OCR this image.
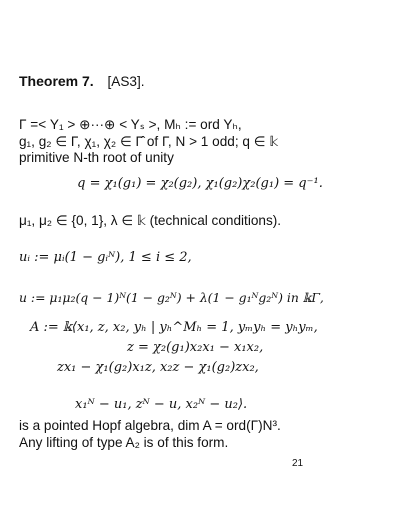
Theorem 7. [AS3].
Γ =< Y₁ > ⊕···⊕ < Yₛ >, Mₕ := ord Yₕ,
g₁, g₂ ∈ Γ, χ₁, χ₂ ∈ Γ̂ of Γ, N > 1 odd; q ∈ 𝕜
primitive N-th root of unity
q = χ₁(g₁) = χ₂(g₂), χ₁(g₂)χ₂(g₁) = q⁻¹.
μ₁, μ₂ ∈ {0, 1}, λ ∈ 𝕜 (technical conditions).
uᵢ := μᵢ(1 − gᵢᴺ), 1 ≤ i ≤ 2,
u := μ₁μ₂(q − 1)ᴺ(1 − g₂ᴺ) + λ(1 − g₁ᴺg₂ᴺ) in 𝕜Γ,
A := 𝕜⟨x₁, z, x₂, yₕ | yₕ^Mₕ = 1, yₘyₕ = yₕyₘ,
z = χ₂(g₁)x₂x₁ − x₁x₂,
zx₁ − χ₁(g₂)x₁z, x₂z − χ₁(g₂)zx₂,
x₁ᴺ − u₁, zᴺ − u, x₂ᴺ − u₂⟩.
is a pointed Hopf algebra, dim A = ord(Γ)N³.
Any lifting of type A₂ is of this form.
21
